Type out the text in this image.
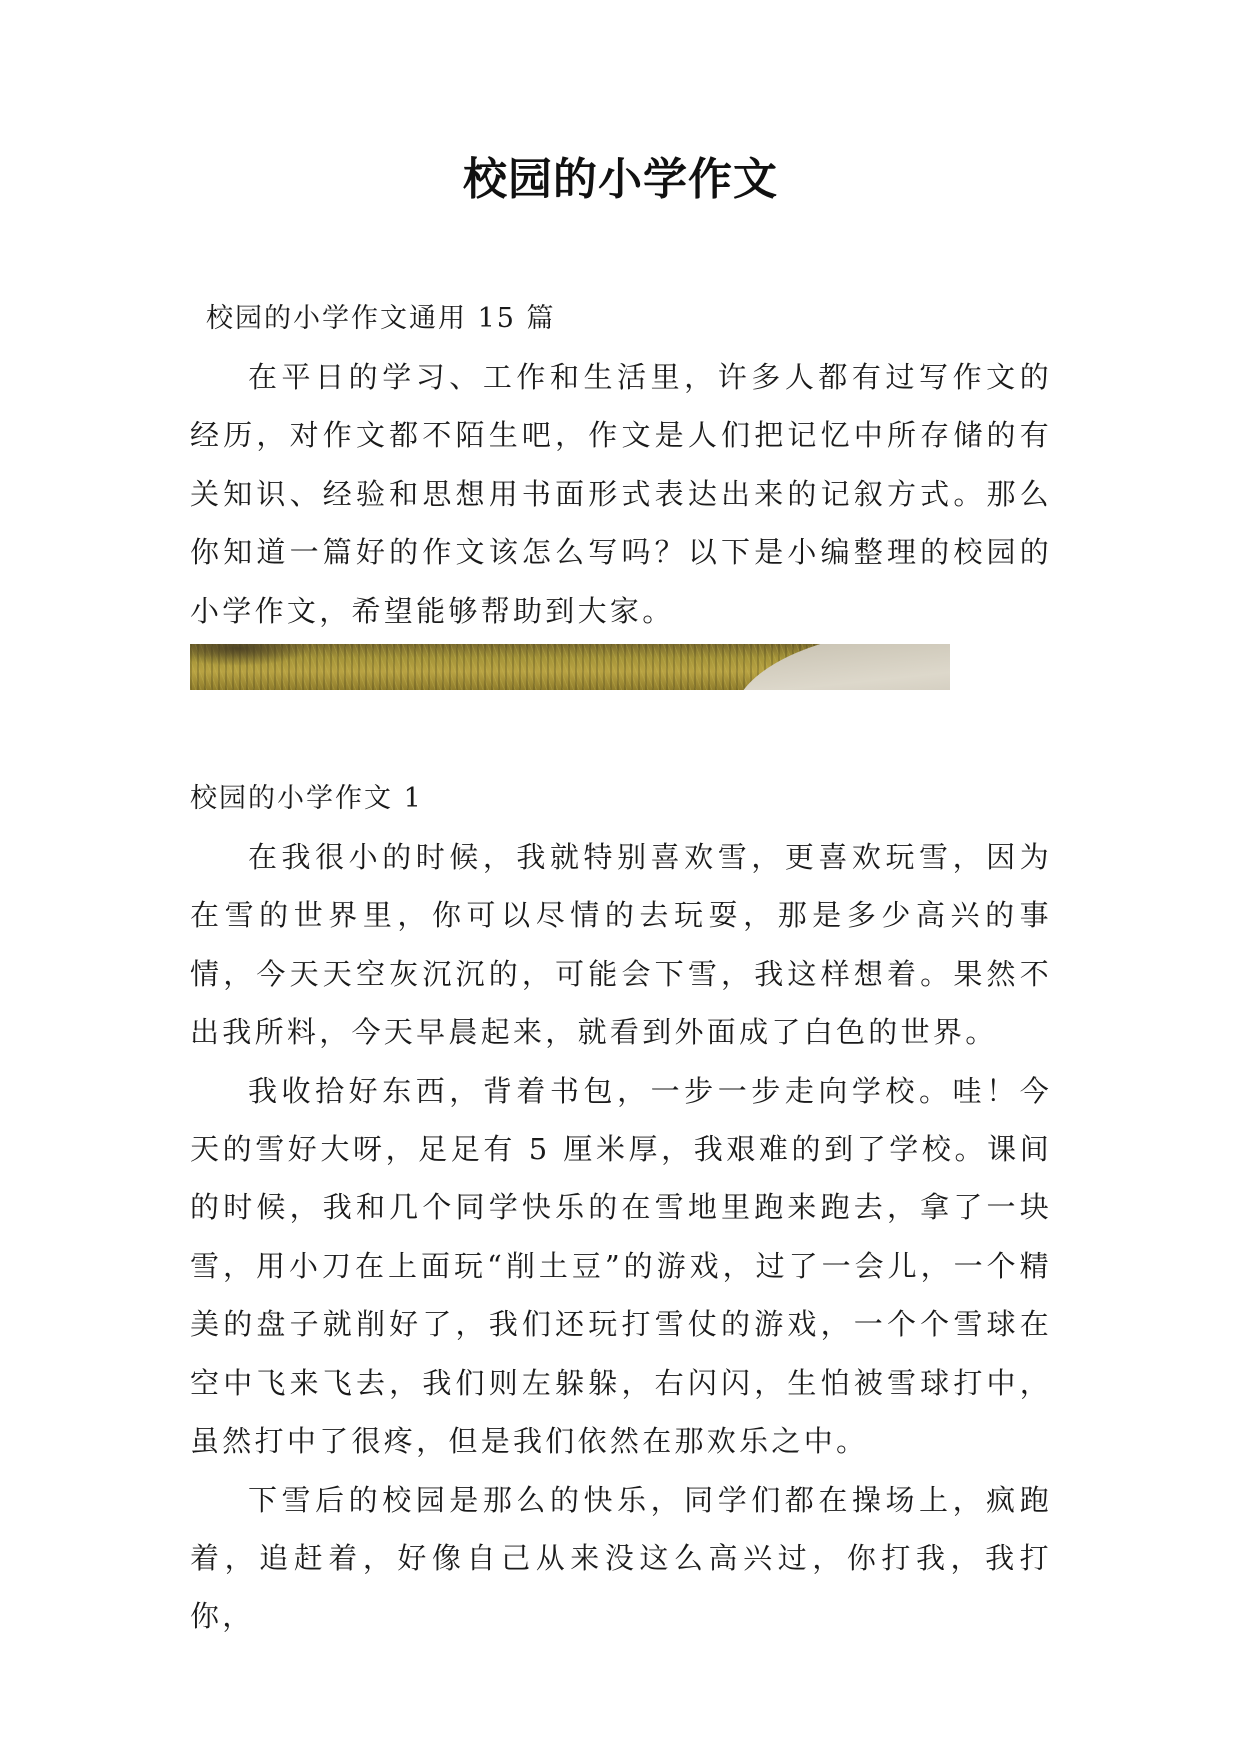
校园的小学作文

校园的小学作文通用 15 篇

在平日的学习、工作和生活里，许多人都有过写作文的经历，对作文都不陌生吧，作文是人们把记忆中所存储的有关知识、经验和思想用书面形式表达出来的记叙方式。那么你知道一篇好的作文该怎么写吗？以下是小编整理的校园的小学作文，希望能够帮助到大家。

校园的小学作文 1

在我很小的时候，我就特别喜欢雪，更喜欢玩雪，因为在雪的世界里，你可以尽情的去玩耍，那是多少高兴的事情，今天天空灰沉沉的，可能会下雪，我这样想着。果然不出我所料，今天早晨起来，就看到外面成了白色的世界。

我收拾好东西，背着书包，一步一步走向学校。哇！今天的雪好大呀，足足有 5 厘米厚，我艰难的到了学校。课间的时候，我和几个同学快乐的在雪地里跑来跑去，拿了一块雪，用小刀在上面玩“削土豆”的游戏，过了一会儿，一个精美的盘子就削好了，我们还玩打雪仗的游戏，一个个雪球在空中飞来飞去，我们则左躲躲，右闪闪，生怕被雪球打中，虽然打中了很疼，但是我们依然在那欢乐之中。

下雪后的校园是那么的快乐，同学们都在操场上，疯跑着，追赶着，好像自己从来没这么高兴过，你打我，我打你，
